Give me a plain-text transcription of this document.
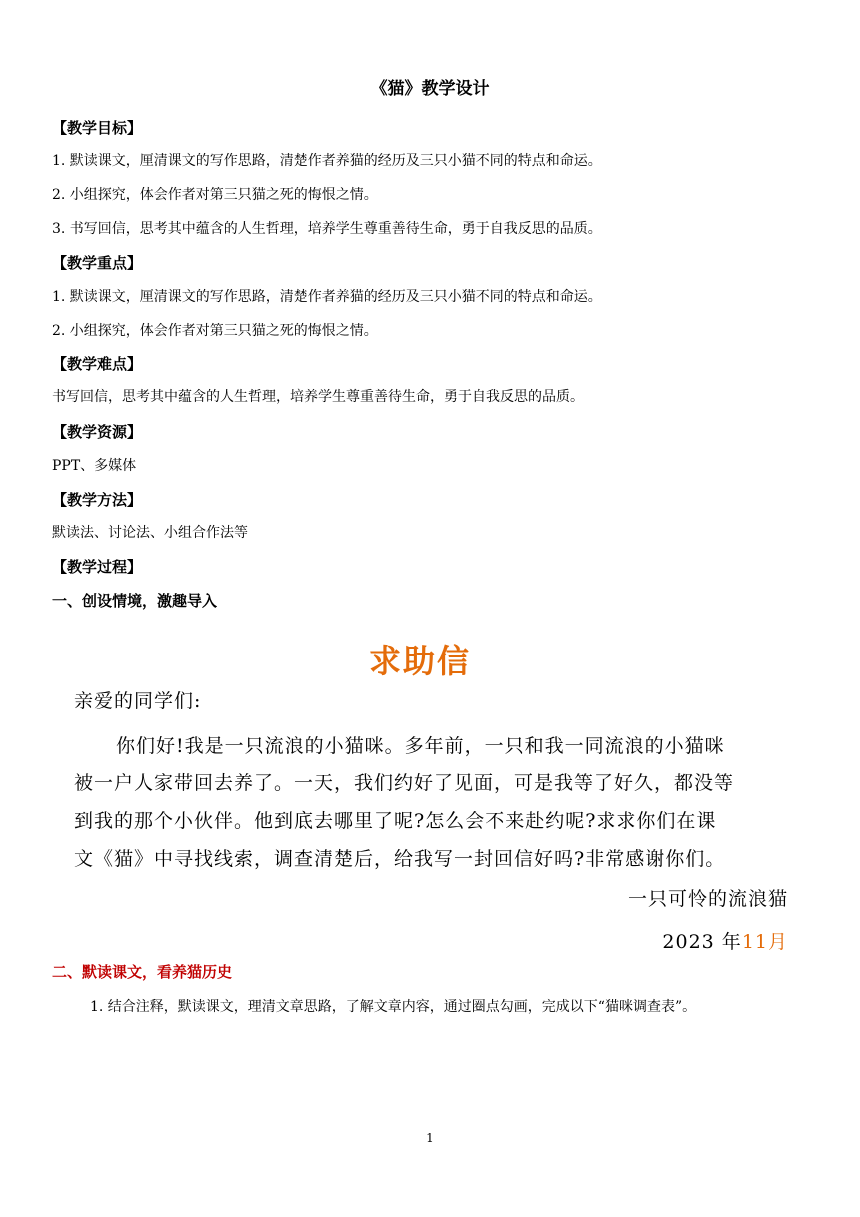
《猫》教学设计
【教学目标】
1. 默读课文，厘清课文的写作思路，清楚作者养猫的经历及三只小猫不同的特点和命运。
2. 小组探究，体会作者对第三只猫之死的悔恨之情。
3. 书写回信，思考其中蕴含的人生哲理，培养学生尊重善待生命，勇于自我反思的品质。
【教学重点】
1. 默读课文，厘清课文的写作思路，清楚作者养猫的经历及三只小猫不同的特点和命运。
2. 小组探究，体会作者对第三只猫之死的悔恨之情。
【教学难点】
书写回信，思考其中蕴含的人生哲理，培养学生尊重善待生命，勇于自我反思的品质。
【教学资源】
PPT、多媒体
【教学方法】
默读法、讨论法、小组合作法等
【教学过程】
一、创设情境，激趣导入
求助信
亲爱的同学们:
你们好!我是一只流浪的小猫咪。多年前，一只和我一同流浪的小猫咪
被一户人家带回去养了。一天，我们约好了见面，可是我等了好久，都没等
到我的那个小伙伴。他到底去哪里了呢?怎么会不来赴约呢?求求你们在课
文《猫》中寻找线索，调查清楚后，给我写一封回信好吗?非常感谢你们。
一只可怜的流浪猫
2023 年11月
二、默读课文，看养猫历史
1. 结合注释，默读课文，理清文章思路，了解文章内容，通过圈点勾画，完成以下“猫咪调查表”。
1
